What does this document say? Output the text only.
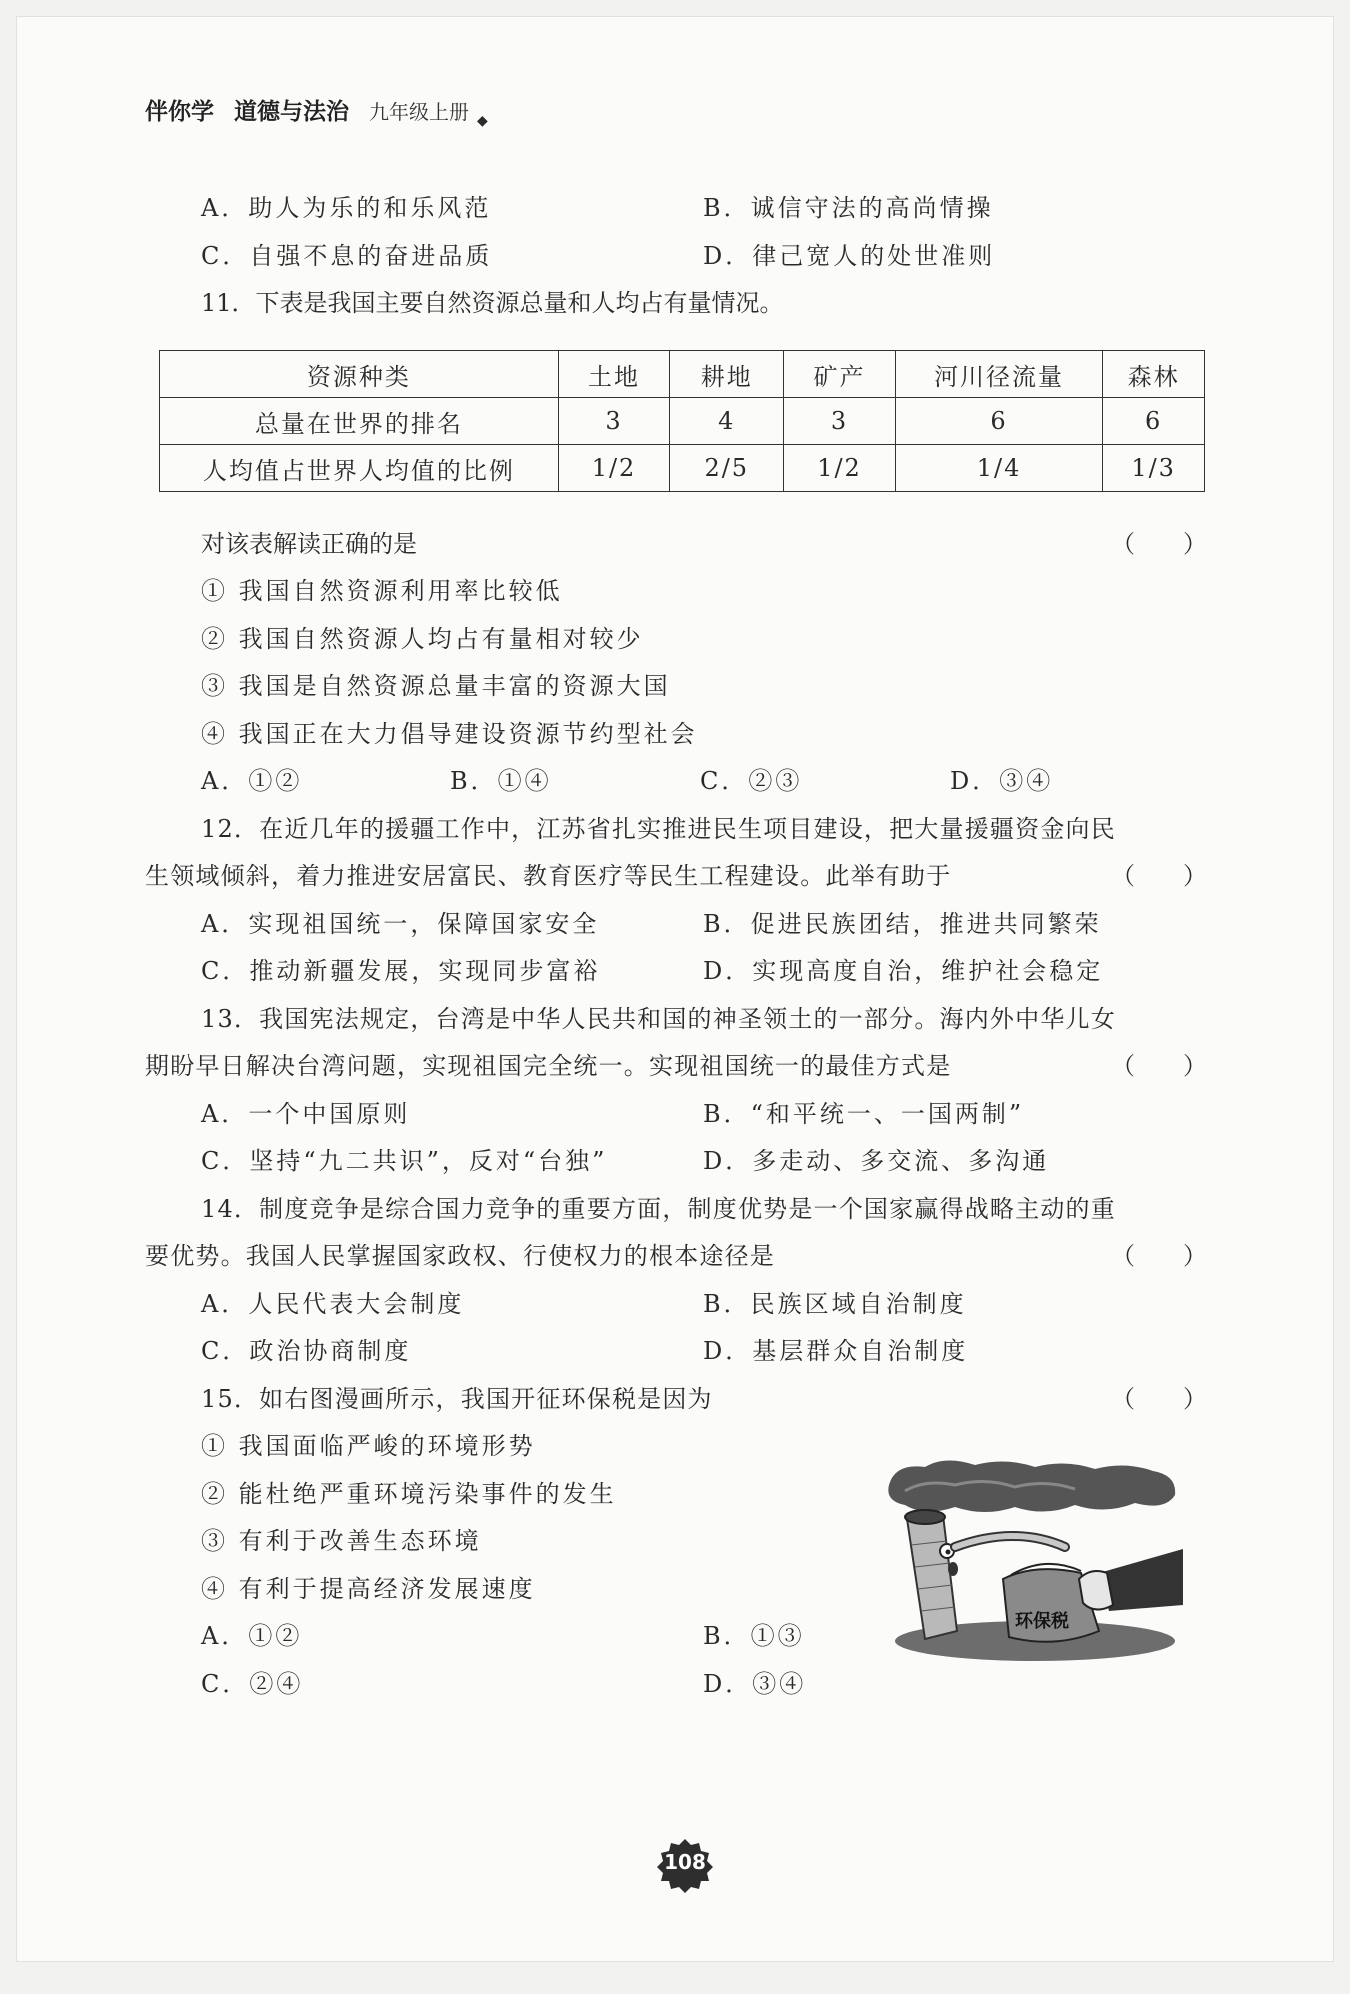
伴你学 道德与法治 九年级上册 ◆
资源种类	土地	耕地	矿产	河川径流量	森林
总量在世界的排名	3	4	3	6	6
人均值占世界人均值的比例	1/2	2/5	1/2	1/4	1/3
A．助人为乐的和乐风范	B．诚信守法的高尚情操
C．自强不息的奋进品质	D．律己宽人的处世准则
11．下表是我国主要自然资源总量和人均占有量情况。
对该表解读正确的是	（　　）
① 我国自然资源利用率比较低
② 我国自然资源人均占有量相对较少
③ 我国是自然资源总量丰富的资源大国
④ 我国正在大力倡导建设资源节约型社会
A．①②	B．①④	C．②③	D．③④
12．在近几年的援疆工作中，江苏省扎实推进民生项目建设，把大量援疆资金向民
生领域倾斜，着力推进安居富民、教育医疗等民生工程建设。此举有助于	（　　）
A．实现祖国统一，保障国家安全	B．促进民族团结，推进共同繁荣
C．推动新疆发展，实现同步富裕	D．实现高度自治，维护社会稳定
13．我国宪法规定，台湾是中华人民共和国的神圣领土的一部分。海内外中华儿女
期盼早日解决台湾问题，实现祖国完全统一。实现祖国统一的最佳方式是	（　　）
A．一个中国原则	B．“和平统一、一国两制”
C．坚持“九二共识”，反对“台独”	D．多走动、多交流、多沟通
14．制度竞争是综合国力竞争的重要方面，制度优势是一个国家赢得战略主动的重
要优势。我国人民掌握国家政权、行使权力的根本途径是	（　　）
A．人民代表大会制度	B．民族区域自治制度
C．政治协商制度	D．基层群众自治制度
15．如右图漫画所示，我国开征环保税是因为	（　　）
① 我国面临严峻的环境形势
② 能杜绝严重环境污染事件的发生
③ 有利于改善生态环境
④ 有利于提高经济发展速度
A．①②	B．①③
C．②④	D．③④
环保税
108
